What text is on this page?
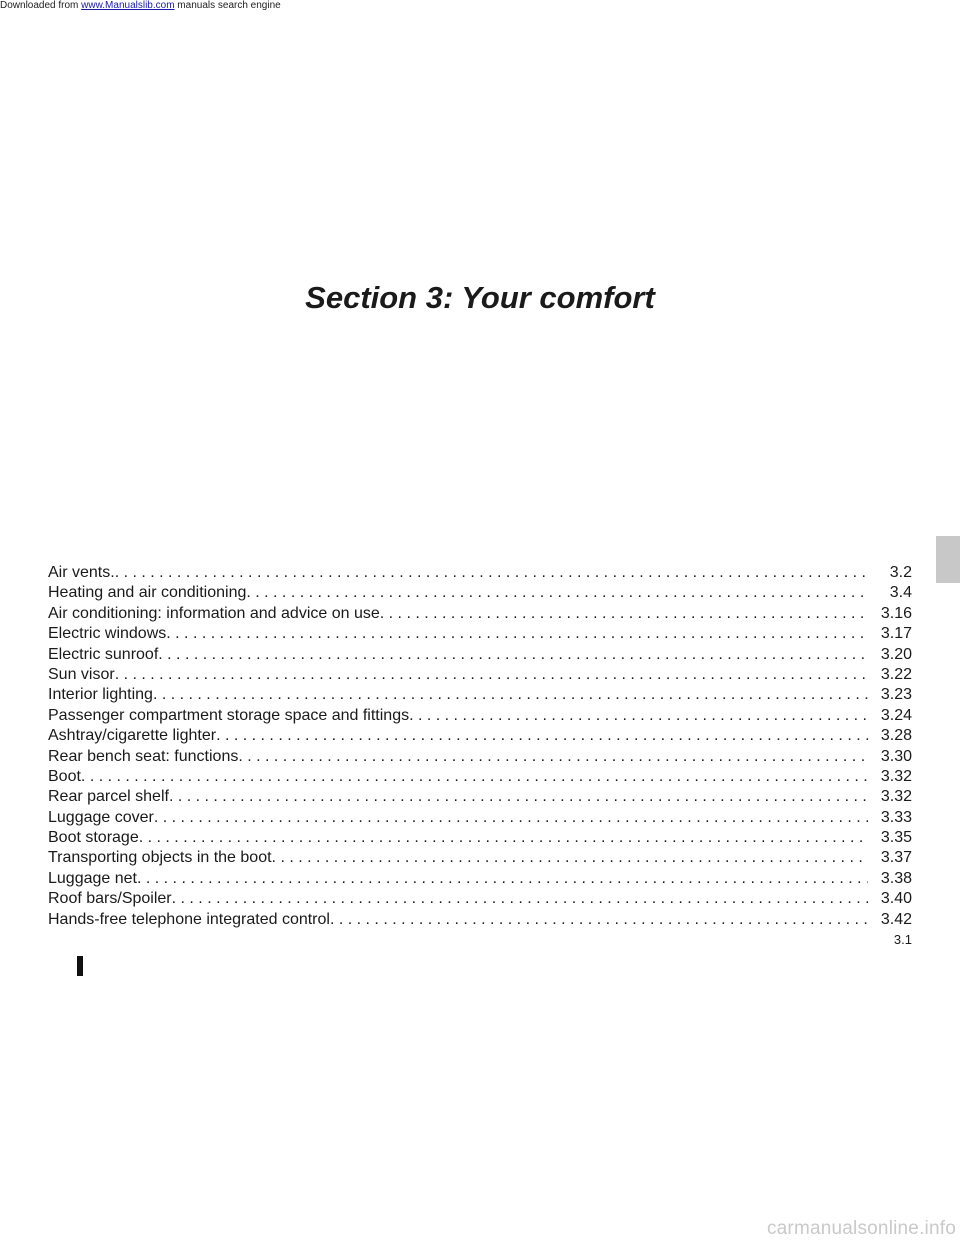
Downloaded from www.Manualslib.com manuals search engine
Section 3: Your comfort
Air vents. . . .	3.2
Heating and air conditioning . . .	3.4
Air conditioning: information and advice on use . . .	3.16
Electric windows . . .	3.17
Electric sunroof . . .	3.20
Sun visor . . .	3.22
Interior lighting . . .	3.23
Passenger compartment storage space and fittings . . .	3.24
Ashtray/cigarette lighter . . .	3.28
Rear bench seat: functions . . .	3.30
Boot . . .	3.32
Rear parcel shelf . . .	3.32
Luggage cover . . .	3.33
Boot storage . . .	3.35
Transporting objects in the boot . . .	3.37
Luggage net . . .	3.38
Roof bars/Spoiler . . .	3.40
Hands-free telephone integrated control . . .	3.42
3.1
carmanualsonline.info
